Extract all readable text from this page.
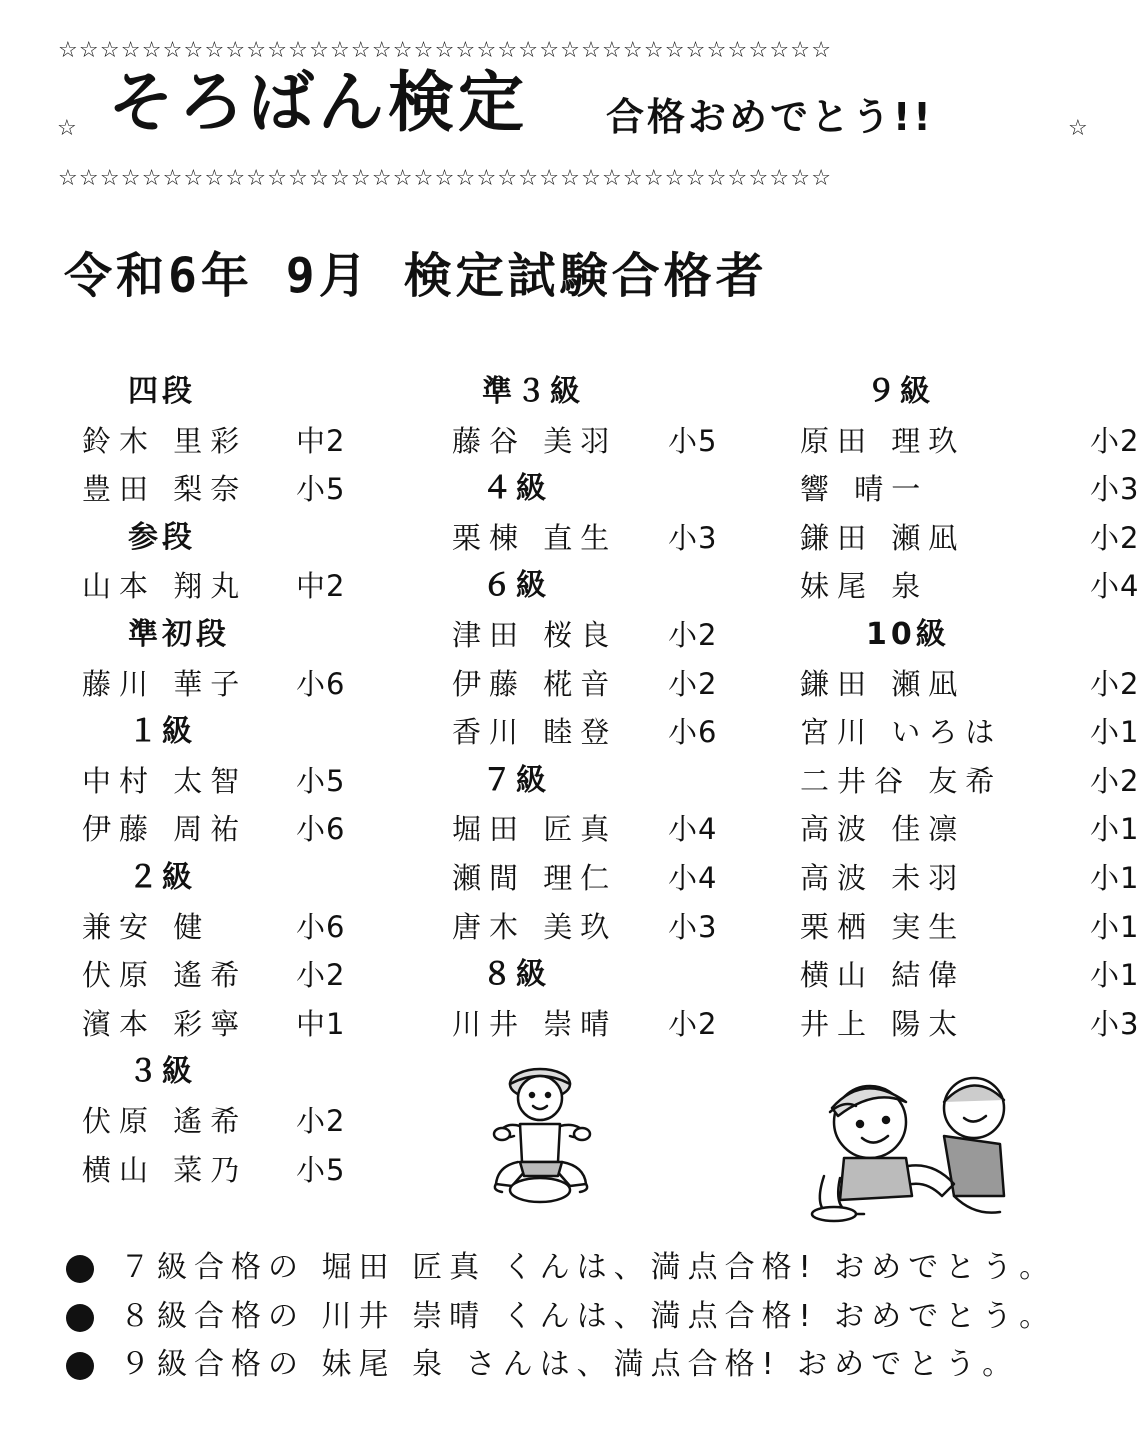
☆☆☆☆☆☆☆☆☆☆☆☆☆☆☆☆☆☆☆☆☆☆☆☆☆☆☆☆☆☆☆☆☆☆☆☆☆
☆ そろばん検定 合格おめでとう!!	☆
☆☆☆☆☆☆☆☆☆☆☆☆☆☆☆☆☆☆☆☆☆☆☆☆☆☆☆☆☆☆☆☆☆☆☆☆☆
令和6年 9月 検定試験合格者
四段
鈴木 里彩 中2
豊田 梨奈 小5
参段
山本 翔丸 中2
準初段
藤川 華子 小6
１級
中村 太智 小5
伊藤 周祐 小6
２級
兼安 健	小6
伏原 遙希 小2
濱本 彩寧 中1
３級
伏原 遙希 小2
横山 菜乃 小5
準３級
藤谷 美羽 小5
４級
栗棟 直生 小3
６級
津田 桜良 小2
伊藤 椛音 小2
香川 睦登 小6
７級
堀田 匠真 小4
瀬間 理仁 小4
唐木 美玖 小3
８級
川井 崇晴 小2
９級
原田 理玖	小2
響 晴一	小3
鎌田 瀬凪	小2
妹尾 泉	小4
10級
鎌田 瀬凪	小2
宮川 いろは	小1
二井谷 友希	小2
高波 佳凛	小1
高波 未羽	小1
栗栖 実生	小1
横山 結偉	小1
井上 陽太	小3
７級合格の 堀田 匠真 くんは、満点合格! おめでとう。
８級合格の 川井 崇晴 くんは、満点合格! おめでとう。
９級合格の 妹尾 泉 さんは、満点合格! おめでとう。
